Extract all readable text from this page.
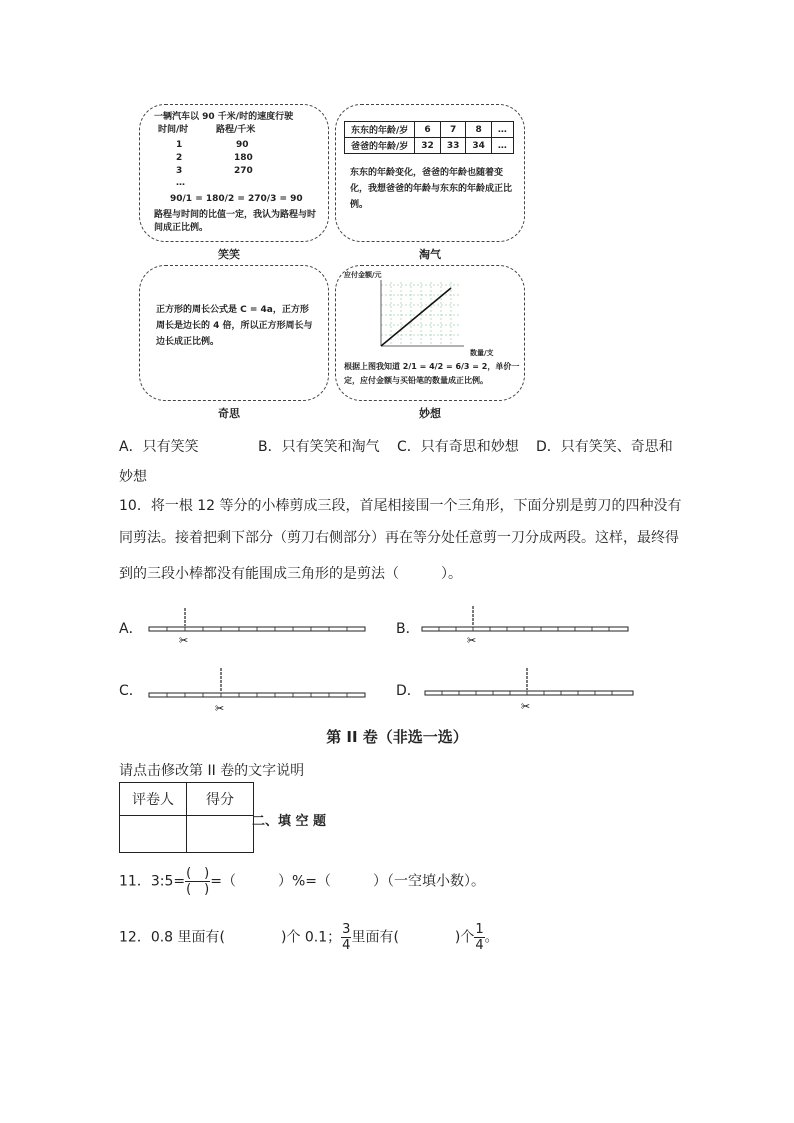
一辆汽车以 90 千米/时的速度行驶
时间/时	路程/千米
1	90
2	180
3	270
…
90/1 = 180/2 = 270/3 = 90
路程与时间的比值一定，我认为路程与时间成正比例。
笑笑
东东的年龄/岁	6	7	8	…
爸爸的年龄/岁	32	33	34	…
东东的年龄变化，爸爸的年龄也随着变化，我想爸爸的年龄与东东的年龄成正比例。
淘气
正方形的周长公式是 C = 4a，正方形周长是边长的 4 倍，所以正方形周长与边长成正比例。
奇思
应付金额/元
数量/支
根据上图我知道 2/1 = 4/2 = 6/3 = 2，单价一定，应付金额与买铅笔的数量成正比例。
妙想
A．只有笑笑	B．只有笑笑和淘气 C．只有奇思和妙想 D．只有笑笑、奇思和
妙想
10．将一根 12 等分的小棒剪成三段，首尾相接围一个三角形，下面分别是剪刀的四种没有
同剪法。接着把剩下部分（剪刀右侧部分）再在等分处任意剪一刀分成两段。这样，最终得
到的三段小棒都没有能围成三角形的是剪法（　　　）。
A．
✂
B．
✂
C．
✂
D．
✂
第 II 卷（非选一选）
请点击修改第 II 卷的文字说明
评卷人	得分

二、填 空 题
11．3:5= $\frac{( )}{( )}$ =（　　　）%=（　　　）（一空填小数）。
12．0.8 里面有(　　　　)个 0.1； $\frac{3}{4}$ 里面有(　　　　)个 $\frac{1}{4}$ 。
